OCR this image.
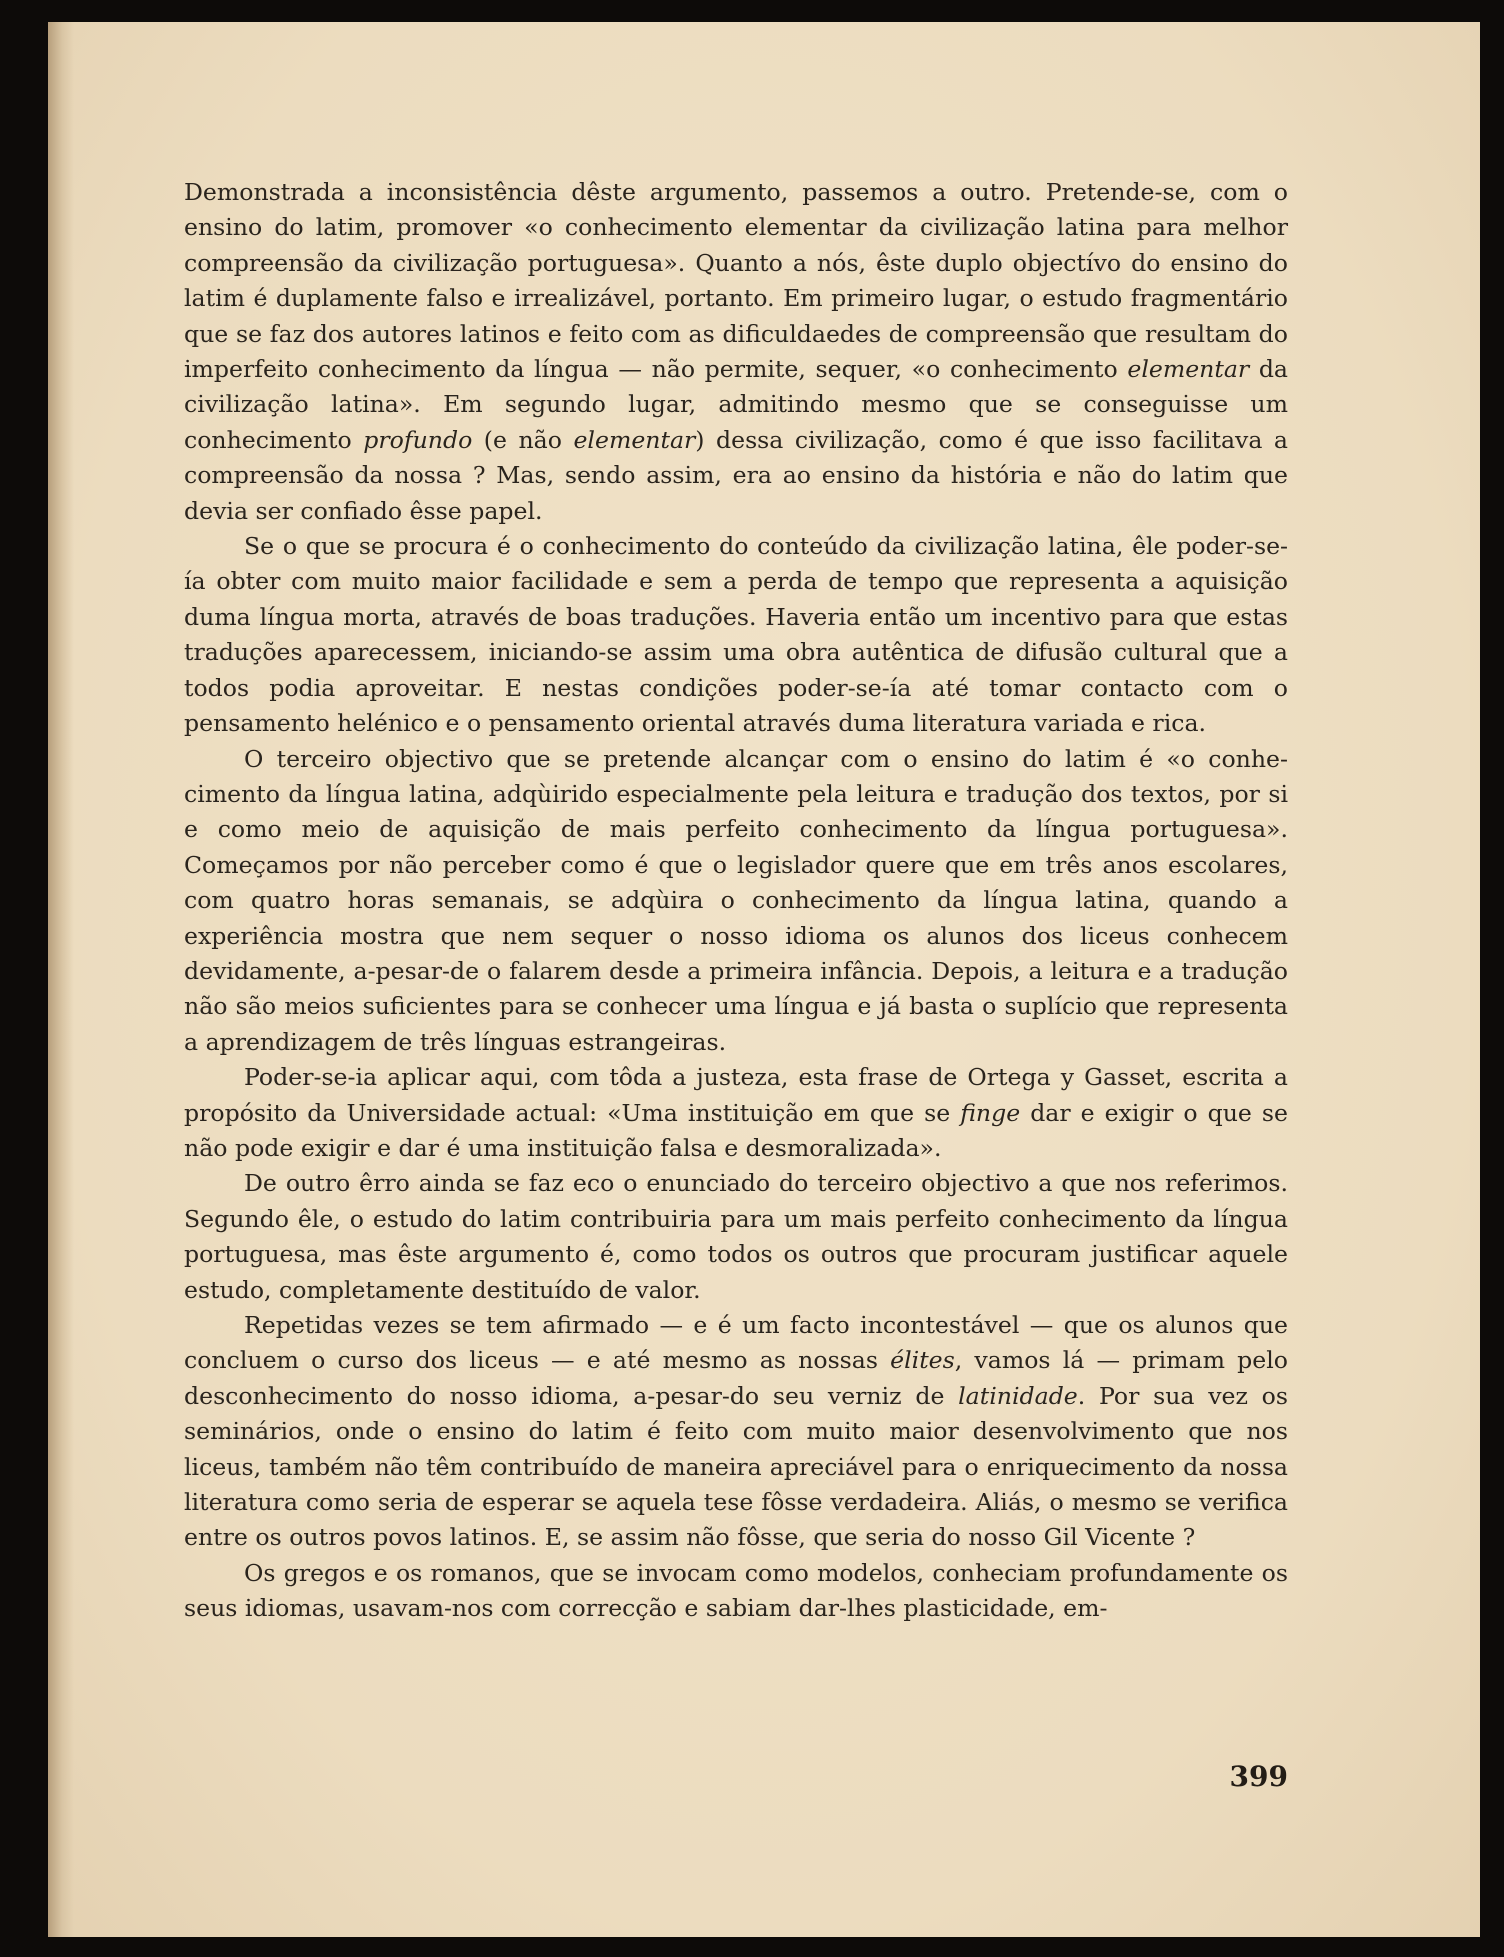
Demonstrada a inconsistência dêste argumento, passemos a outro. Pretende-se, com o ensino do latim, promover «o conhecimento elementar da civilização latina para melhor compreensão da civilização portuguesa». Quanto a nós, êste duplo objectívo do ensino do latim é duplamente falso e irrealizável, portanto. Em primeiro lugar, o estudo fragmentário que se faz dos autores latinos e feito com as dificuldaedes de compreensão que resultam do imperfeito conhecimento da língua — não permite, sequer, «o conhecimento elementar da civilização latina». Em segundo lugar, admitindo mesmo que se conseguisse um conhecimento profundo (e não elementar) dessa civilização, como é que isso facilitava a compreensão da nossa ? Mas, sendo assim, era ao ensino da história e não do latim que devia ser confiado êsse papel.

Se o que se procura é o conhecimento do conteúdo da civilização latina, êle poder-se-ía obter com muito maior facilidade e sem a perda de tempo que representa a aquisição duma língua morta, através de boas traduções. Haveria então um incentivo para que estas traduções aparecessem, iniciando-se assim uma obra autêntica de difusão cultural que a todos podia aproveitar. E nestas condições poder-se-ía até tomar contacto com o pensamento helénico e o pensamento oriental através duma literatura variada e rica.

O terceiro objectivo que se pretende alcançar com o ensino do latim é «o conhecimento da língua latina, adqùirido especialmente pela leitura e tradução dos textos, por si e como meio de aquisição de mais perfeito conhecimento da língua portuguesa». Começamos por não perceber como é que o legislador quere que em três anos escolares, com quatro horas semanais, se adqùira o conhecimento da língua latina, quando a experiência mostra que nem sequer o nosso idioma os alunos dos liceus conhecem devidamente, a-pesar-de o falarem desde a primeira infância. Depois, a leitura e a tradução não são meios suficientes para se conhecer uma língua e já basta o suplício que representa a aprendizagem de três línguas estrangeiras.

Poder-se-ia aplicar aqui, com tôda a justeza, esta frase de Ortega y Gasset, escrita a propósito da Universidade actual: «Uma instituição em que se finge dar e exigir o que se não pode exigir e dar é uma instituição falsa e desmoralizada».

De outro êrro ainda se faz eco o enunciado do terceiro objectivo a que nos referimos. Segundo êle, o estudo do latim contribuiria para um mais perfeito conhecimento da língua portuguesa, mas êste argumento é, como todos os outros que procuram justificar aquele estudo, completamente destituído de valor.

Repetidas vezes se tem afirmado — e é um facto incontestável — que os alunos que concluem o curso dos liceus — e até mesmo as nossas élites, vamos lá — primam pelo desconhecimento do nosso idioma, a-pesar-do seu verniz de latinidade. Por sua vez os seminários, onde o ensino do latim é feito com muito maior desenvolvimento que nos liceus, também não têm contribuído de maneira apreciável para o enriquecimento da nossa literatura como seria de esperar se aquela tese fôsse verdadeira. Aliás, o mesmo se verifica entre os outros povos latinos. E, se assim não fôsse, que seria do nosso Gil Vicente ?

Os gregos e os romanos, que se invocam como modelos, conheciam profundamente os seus idiomas, usavam-nos com correcção e sabiam dar-lhes plasticidade, em-

399
